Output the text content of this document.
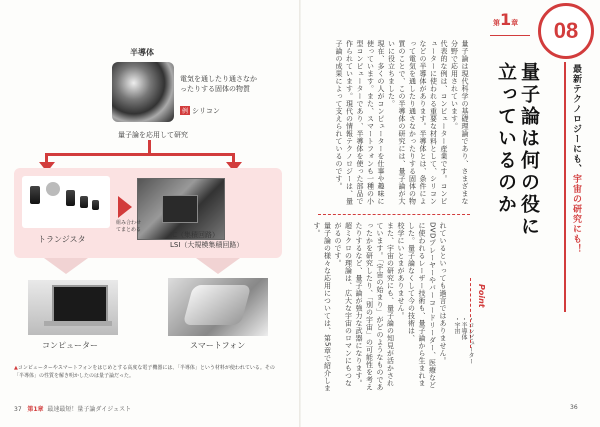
半導体
電気を通したり通さなかったりする固体の物質
例 シリコン
量子論を応用して研究
トランジスタ
組み合わせてまとめる
IC（集積回路）
LSI（大規模集積回路）
コンピューター	スマートフォン
▲コンピューターやスマートフォンをはじめとする高度な電子機器には、「半導体」という材料が使われている。その「半導体」の性質を解き明かしたのは量子論だった。
37 第1章 最速最短！量子論ダイジェスト
第1章	08
最新テクノロジーにも、宇宙の研究にも！
量子論は何の役に
立っているのか
Point
・コンピューター
・半導体
・宇宙

量子論は現代科学の基礎理論であり、さまざまな分野で応用されています。

代表的な例は、コンピューター産業です。コンピューターに使われる重要な材料として、シリコンなどの半導体があります。半導体とは、条件によって電気を通したり通さなかったりする固体の物質のことで、この半導体の研究には、量子論が大いに役立ちました。

現在、多くの人がコンピューターを仕事や趣味に使っています。また、スマートフォンも一種の小型コンピューターであり、半導体を使った部品で作られています。現代の情報テクノロジーは、量子論の成果によって支えられているのです。

れているといっても過言ではありません。

DVDプレーヤーやバーコードリーダー、医療などに使われるレーザー技術も、量子論から生まれました。量子論なくして今の技術は、

校学にいとまがありません。

また、宇宙の研究にも、量子論の知見が活かされています。「宇宙の始まり」がどのようなものであったかを研究したり、「別の宇宙」の可能性を考えたりするなど、量子論が強力な武器になります。超ミクロの理論は、広大な宇宙のロマンにもつながるのです。

量子論の様々な応用については、第5章で紹介します。

36
